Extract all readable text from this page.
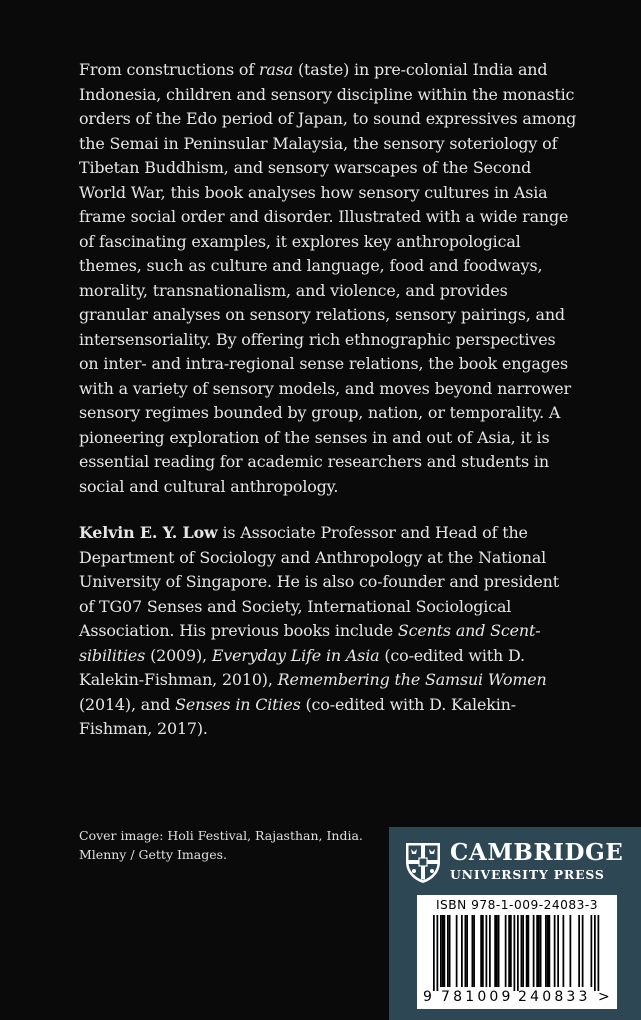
From constructions of rasa (taste) in pre-colonial India and Indonesia, children and sensory discipline within the monastic orders of the Edo period of Japan, to sound expressives among the Semai in Peninsular Malaysia, the sensory soteriology of Tibetan Buddhism, and sensory warscapes of the Second World War, this book analyses how sensory cultures in Asia frame social order and disorder. Illustrated with a wide range of fascinating examples, it explores key anthropological themes, such as culture and language, food and foodways, morality, transnationalism, and violence, and provides granular analyses on sensory relations, sensory pairings, and intersensoriality. By offering rich ethnographic perspectives on inter- and intra-regional sense relations, the book engages with a variety of sensory models, and moves beyond narrower sensory regimes bounded by group, nation, or temporality. A pioneering exploration of the senses in and out of Asia, it is essential reading for academic researchers and students in social and cultural anthropology.

Kelvin E. Y. Low is Associate Professor and Head of the Department of Sociology and Anthropology at the National University of Singapore. He is also co-founder and president of TG07 Senses and Society, International Sociological Association. His previous books include Scents and Scent-sibilities (2009), Everyday Life in Asia (co-edited with D. Kalekin-Fishman, 2010), Remembering the Samsui Women (2014), and Senses in Cities (co-edited with D. Kalekin-Fishman, 2017).

Cover image: Holi Festival, Rajasthan, India.
Mlenny / Getty Images.	CAMBRIDGE
UNIVERSITY PRESS
ISBN 978-1-009-24083-3
9 781009 240833 >
